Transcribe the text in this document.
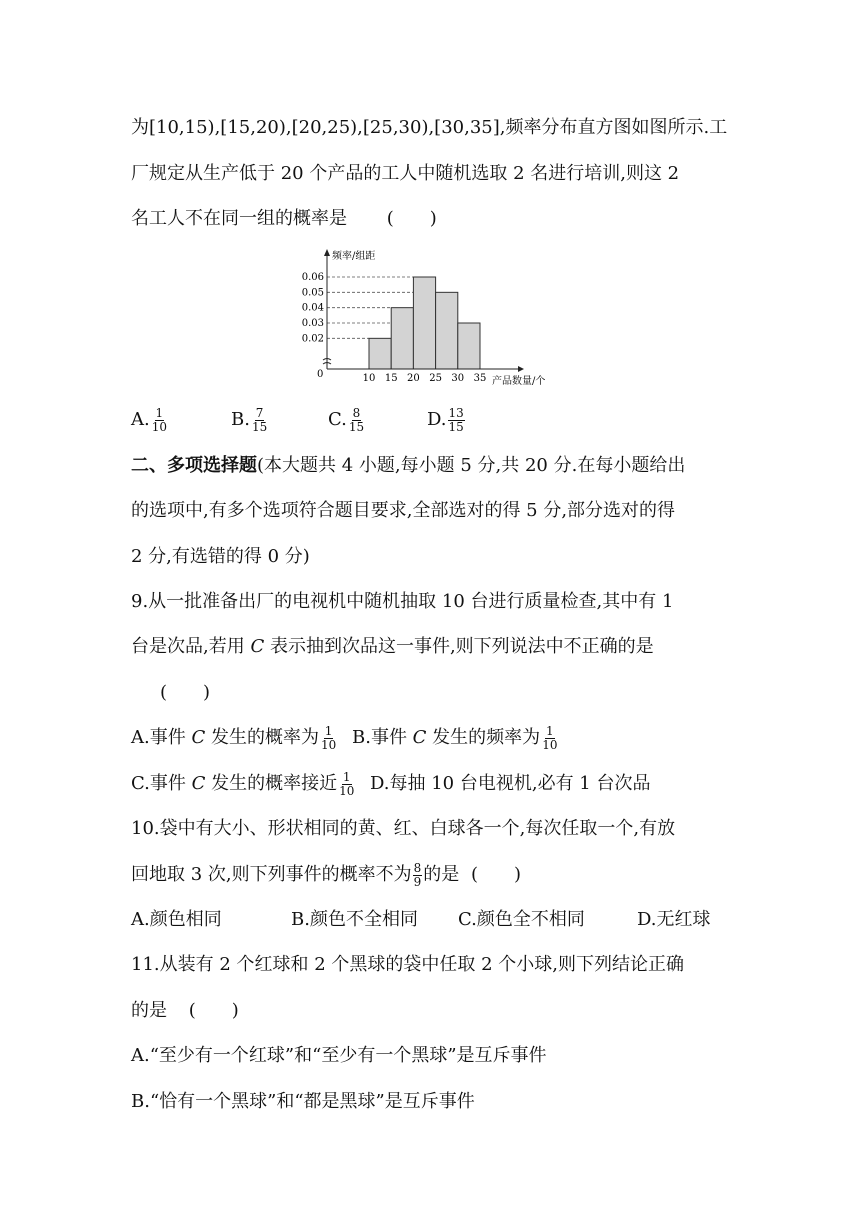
为[10,15),[15,20),[20,25),[25,30),[30,35],频率分布直方图如图所示.工
厂规定从生产低于 20 个产品的工人中随机选取 2 名进行培训,则这 2
名工人不在同一组的概率是 (　　)
频率/组距
产品数量/个
0
0.06
0.05
0.04
0.03
0.02
10 15 20 25 30 35
A. $\frac{1}{10}$	B. $\frac{7}{15}$	C. $\frac{8}{15}$	D. $\frac{13}{15}$
二、多项选择题(本大题共 4 小题,每小题 5 分,共 20 分.在每小题给出
的选项中,有多个选项符合题目要求,全部选对的得 5 分,部分选对的得
2 分,有选错的得 0 分)
9.从一批准备出厂的电视机中随机抽取 10 台进行质量检查,其中有 1
台是次品,若用 C 表示抽到次品这一事件,则下列说法中不正确的是
(　　)
A.事件 C 发生的概率为 $\frac{1}{10} B$.事件 C 发生的频率为 $\frac{1}{10}$
C.事件 C 发生的概率接近 $\frac{1}{10} D$.每抽 10 台电视机,必有 1 台次品
10.袋中有大小、形状相同的黄、红、白球各一个,每次任取一个,有放
回地取 3 次,则下列事件的概率不为 $\frac{8}{9}$ 的是 (　　)
A.颜色相同	B.颜色不全相同 C.颜色全不相同	D.无红球
11.从装有 2 个红球和 2 个黑球的袋中任取 2 个小球,则下列结论正确
的是 (　　)
A.“至少有一个红球”和“至少有一个黑球”是互斥事件
B.“恰有一个黑球”和“都是黑球”是互斥事件
